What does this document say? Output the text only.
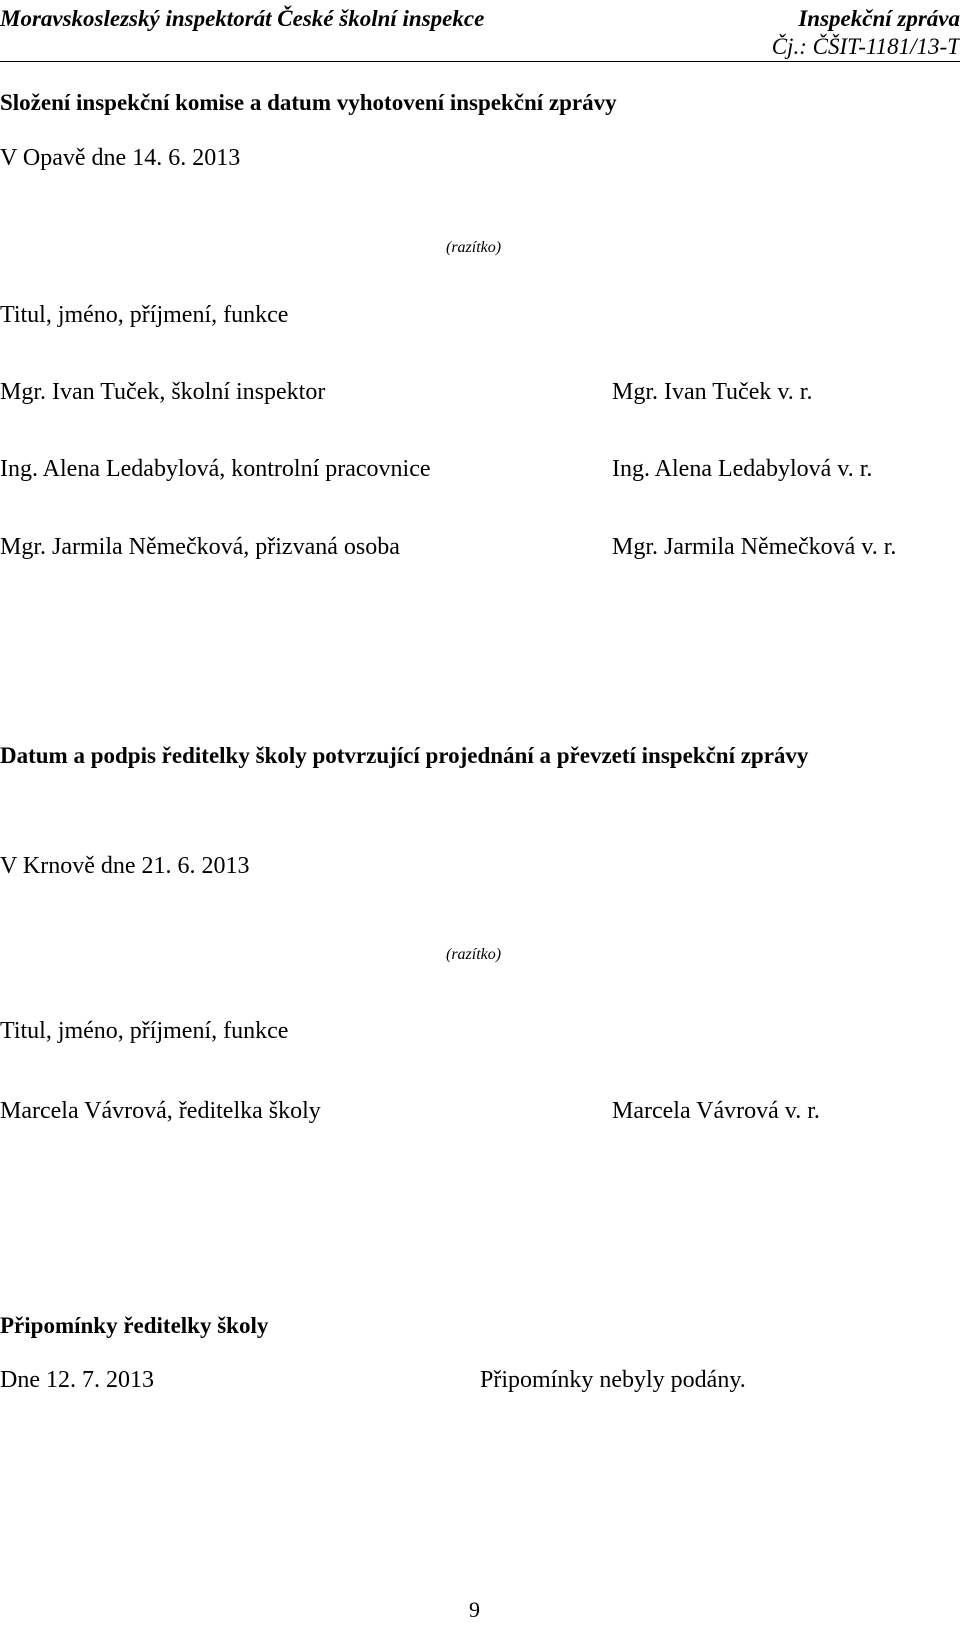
Moravskoslezský inspektorát České školní inspekce	Inspekční zpráva
Čj.: ČŠIT-1181/13-T
Složení inspekční komise a datum vyhotovení inspekční zprávy
V Opavě dne 14. 6. 2013
(razítko)
Titul, jméno, příjmení, funkce
Mgr. Ivan Tuček, školní inspektor	Mgr. Ivan Tuček v. r.
Ing. Alena Ledabylová, kontrolní pracovnice	Ing. Alena Ledabylová v. r.
Mgr. Jarmila Němečková, přizvaná osoba	Mgr. Jarmila Němečková v. r.
Datum a podpis ředitelky školy potvrzující projednání a převzetí inspekční zprávy
V Krnově dne 21. 6. 2013
(razítko)
Titul, jméno, příjmení, funkce
Marcela Vávrová, ředitelka školy	Marcela Vávrová v. r.
Připomínky ředitelky školy
Dne 12. 7. 2013	Připomínky nebyly podány.
9
